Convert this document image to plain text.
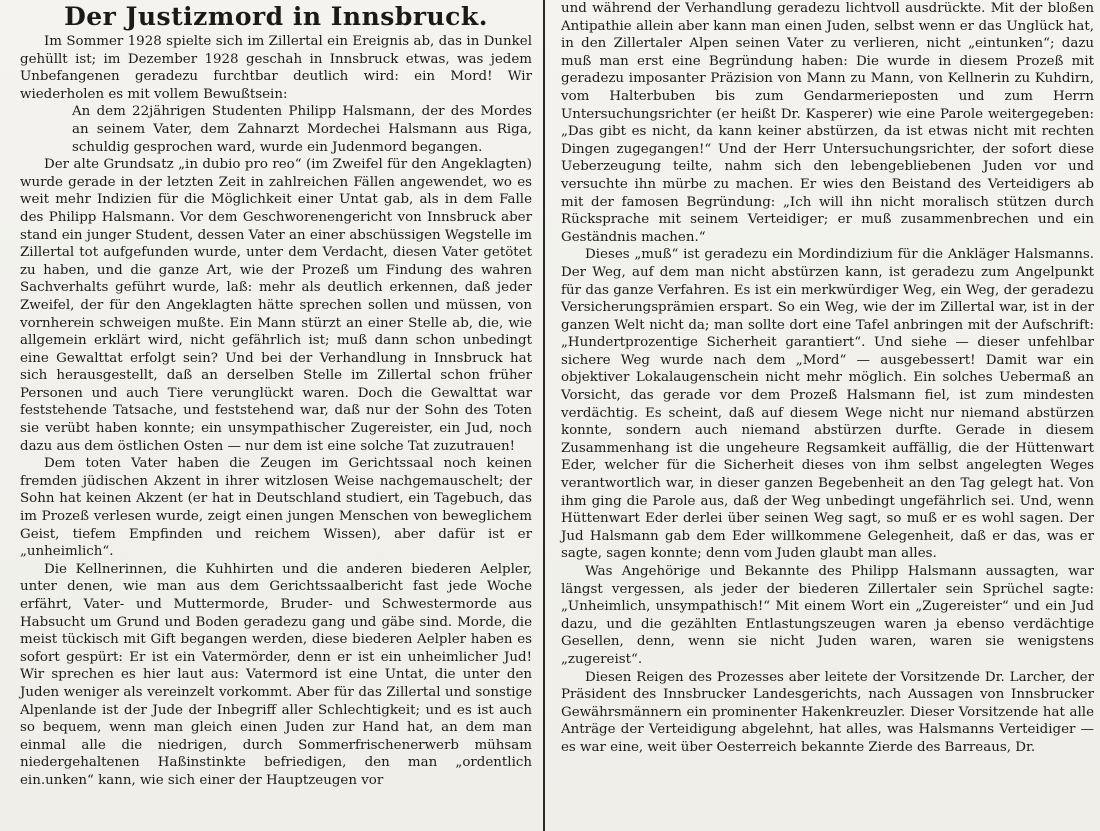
Der Justizmord in Innsbruck.

Im Sommer 1928 spielte sich im Zillertal ein Ereignis ab, das in Dunkel gehüllt ist; im Dezember 1928 geschah in Innsbruck etwas, was jedem Unbefangenen geradezu furchtbar deutlich wird: ein Mord! Wir wiederholen es mit vollem Bewußtsein:

An dem 22jährigen Studenten Philipp Halsmann, der des Mordes an seinem Vater, dem Zahnarzt Mordechei Halsmann aus Riga, schuldig gesprochen ward, wurde ein Judenmord begangen.

Der alte Grundsatz „in dubio pro reo“ (im Zweifel für den Angeklagten) wurde gerade in der letzten Zeit in zahlreichen Fällen angewendet, wo es weit mehr Indizien für die Möglichkeit einer Untat gab, als in dem Falle des Philipp Halsmann. Vor dem Geschworenengericht von Innsbruck aber stand ein junger Student, dessen Vater an einer abschüssigen Wegstelle im Zillertal tot aufgefunden wurde, unter dem Verdacht, diesen Vater getötet zu haben, und die ganze Art, wie der Prozeß um Findung des wahren Sachverhalts geführt wurde, laß: mehr als deutlich erkennen, daß jeder Zweifel, der für den Angeklagten hätte sprechen sollen und müssen, von vornherein schweigen mußte. Ein Mann stürzt an einer Stelle ab, die, wie allgemein erklärt wird, nicht gefährlich ist; muß dann schon unbedingt eine Gewalttat erfolgt sein? Und bei der Verhandlung in Innsbruck hat sich herausgestellt, daß an derselben Stelle im Zillertal schon früher Personen und auch Tiere verunglückt waren. Doch die Gewalttat war feststehende Tatsache, und feststehend war, daß nur der Sohn des Toten sie verübt haben konnte; ein unsympathischer Zugereister, ein Jud, noch dazu aus dem östlichen Osten — nur dem ist eine solche Tat zuzutrauen!

Dem toten Vater haben die Zeugen im Gerichtssaal noch keinen fremden jüdischen Akzent in ihrer witzlosen Weise nachgemauschelt; der Sohn hat keinen Akzent (er hat in Deutschland studiert, ein Tagebuch, das im Prozeß verlesen wurde, zeigt einen jungen Menschen von beweglichem Geist, tiefem Empfinden und reichem Wissen), aber dafür ist er „unheimlich“.

Die Kellnerinnen, die Kuhhirten und die anderen biederen Aelpler, unter denen, wie man aus dem Gerichtssaalbericht fast jede Woche erfährt, Vater- und Muttermorde, Bruder- und Schwestermorde aus Habsucht um Grund und Boden geradezu gang und gäbe sind. Morde, die meist tückisch mit Gift begangen werden, diese biederen Aelpler haben es sofort gespürt: Er ist ein Vatermörder, denn er ist ein unheimlicher Jud! Wir sprechen es hier laut aus: Vatermord ist eine Untat, die unter den Juden weniger als vereinzelt vorkommt. Aber für das Zillertal und sonstige Alpenlande ist der Jude der Inbegriff aller Schlechtigkeit; und es ist auch so bequem, wenn man gleich einen Juden zur Hand hat, an dem man einmal alle die niedrigen, durch Sommerfrischenerwerb mühsam niedergehaltenen Haßinstinkte befriedigen, den man „ordentlich ein.unken“ kann, wie sich einer der Hauptzeugen vor

und während der Verhandlung geradezu lichtvoll ausdrückte. Mit der bloßen Antipathie allein aber kann man einen Juden, selbst wenn er das Unglück hat, in den Zillertaler Alpen seinen Vater zu verlieren, nicht „eintunken“; dazu muß man erst eine Begründung haben: Die wurde in diesem Prozeß mit geradezu imposanter Präzision von Mann zu Mann, von Kellnerin zu Kuhdirn, vom Halterbuben bis zum Gendarmerieposten und zum Herrn Untersuchungsrichter (er heißt Dr. Kasperer) wie eine Parole weitergegeben: „Das gibt es nicht, da kann keiner abstürzen, da ist etwas nicht mit rechten Dingen zugegangen!“ Und der Herr Untersuchungsrichter, der sofort diese Ueberzeugung teilte, nahm sich den lebengebliebenen Juden vor und versuchte ihn mürbe zu machen. Er wies den Beistand des Verteidigers ab mit der famosen Begründung: „Ich will ihn nicht moralisch stützen durch Rücksprache mit seinem Verteidiger; er muß zusammenbrechen und ein Geständnis machen.“

Dieses „muß“ ist geradezu ein Mordindizium für die Ankläger Halsmanns. Der Weg, auf dem man nicht abstürzen kann, ist geradezu zum Angelpunkt für das ganze Verfahren. Es ist ein merkwürdiger Weg, ein Weg, der geradezu Versicherungsprämien erspart. So ein Weg, wie der im Zillertal war, ist in der ganzen Welt nicht da; man sollte dort eine Tafel anbringen mit der Aufschrift: „Hundertprozentige Sicherheit garantiert“. Und siehe — dieser unfehlbar sichere Weg wurde nach dem „Mord“ — ausgebessert! Damit war ein objektiver Lokalaugenschein nicht mehr möglich. Ein solches Uebermaß an Vorsicht, das gerade vor dem Prozeß Halsmann fiel, ist zum mindesten verdächtig. Es scheint, daß auf diesem Wege nicht nur niemand abstürzen konnte, sondern auch niemand abstürzen durfte. Gerade in diesem Zusammenhang ist die ungeheure Regsamkeit auffällig, die der Hüttenwart Eder, welcher für die Sicherheit dieses von ihm selbst angelegten Weges verantwortlich war, in dieser ganzen Begebenheit an den Tag gelegt hat. Von ihm ging die Parole aus, daß der Weg unbedingt ungefährlich sei. Und, wenn Hüttenwart Eder derlei über seinen Weg sagt, so muß er es wohl sagen. Der Jud Halsmann gab dem Eder willkommene Gelegenheit, daß er das, was er sagte, sagen konnte; denn vom Juden glaubt man alles.

Was Angehörige und Bekannte des Philipp Halsmann aussagten, war längst vergessen, als jeder der biederen Zillertaler sein Sprüchel sagte: „Unheimlich, unsympathisch!“ Mit einem Wort ein „Zugereister“ und ein Jud dazu, und die gezählten Entlastungszeugen waren ja ebenso verdächtige Gesellen, denn, wenn sie nicht Juden waren, waren sie wenigstens „zugereist“.

Diesen Reigen des Prozesses aber leitete der Vorsitzende Dr. Larcher, der Präsident des Innsbrucker Landesgerichts, nach Aussagen von Innsbrucker Gewährsmännern ein prominenter Hakenkreuzler. Dieser Vorsitzende hat alle Anträge der Verteidigung abgelehnt, hat alles, was Halsmanns Verteidiger — es war eine, weit über Oesterreich bekannte Zierde des Barreaus, Dr.
